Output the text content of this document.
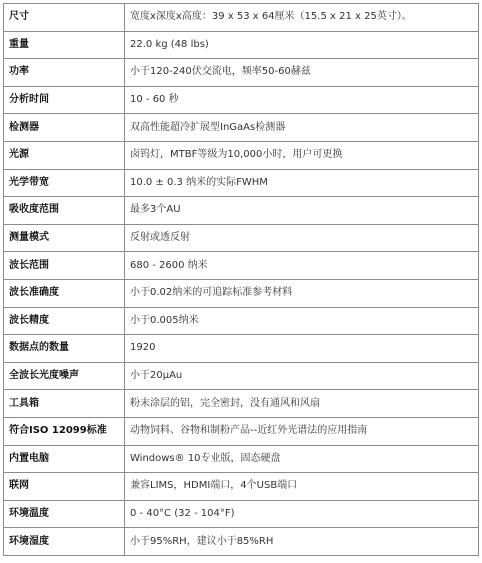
尺寸	宽度x深度x高度：39 x 53 x 64厘米（15.5 x 21 x 25英寸）。
重量	22.0 kg (48 lbs)
功率	小于120-240伏交流电，频率50-60赫兹
分析时间	10 - 60 秒
检测器	双高性能超冷扩展型InGaAs检测器
光源	卤钨灯，MTBF等级为10,000小时，用户可更换
光学带宽	10.0 ± 0.3 纳米的实际FWHM
吸收度范围	最多3个AU
测量模式	反射或透反射
波长范围	680 - 2600 纳米
波长准确度	小于0.02纳米的可追踪标准参考材料
波长精度	小于0.005纳米
数据点的数量	1920
全波长光度噪声	小于20μAu
工具箱	粉末涂层的铝，完全密封，没有通风和风扇
符合ISO 12099标准	动物饲料、谷物和制粉产品--近红外光谱法的应用指南
内置电脑	Windows® 10专业版，固态硬盘
联网	兼容LIMS，HDMI端口，4个USB端口
环境温度	0 - 40°C (32 - 104°F)
环境湿度	小于95%RH，建议小于85%RH
